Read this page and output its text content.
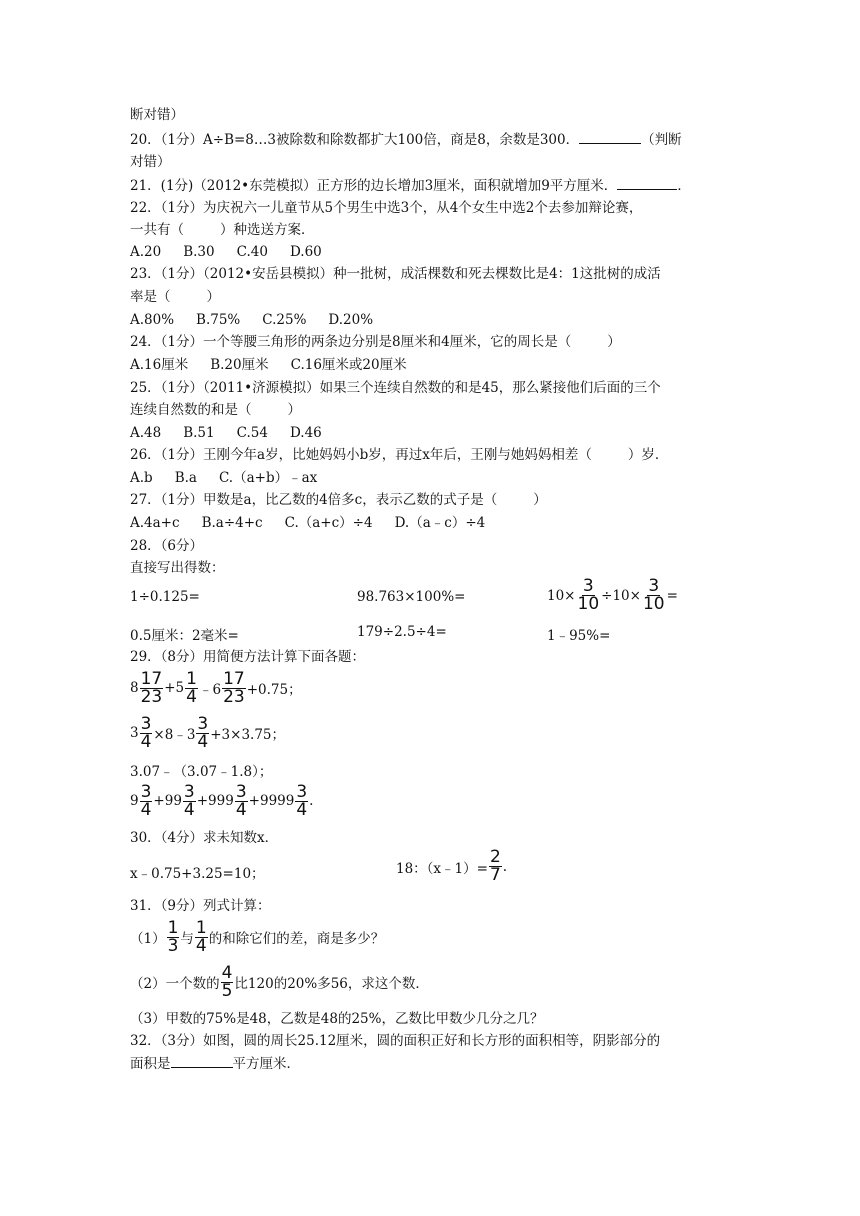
断对错）
20．（1分）A÷B=8…3被除数和除数都扩大100倍，商是8，余数是300．	（判断
对错）
21．(1分)（2012•东莞模拟）正方形的边长增加3厘米，面积就增加9平方厘米．	．
22．（1分）为庆祝六一儿童节从5个男生中选3个，从4个女生中选2个去参加辩论赛，
一共有（	）种选送方案．
A.20 B.30 C.40 D.60
23．（1分）（2012•安岳县模拟）种一批树，成活棵数和死去棵数比是4：1这批树的成活
率是（	）
A.80% B.75% C.25% D.20%
24．（1分）一个等腰三角形的两条边分别是8厘米和4厘米，它的周长是（	）
A.16厘米 B.20厘米 C.16厘米或20厘米
25．（1分）（2011•济源模拟）如果三个连续自然数的和是45，那么紧接他们后面的三个
连续自然数的和是（	）
A.48 B.51 C.54 D.46
26．（1分）王刚今年a岁，比她妈妈小b岁，再过x年后，王刚与她妈妈相差（	）岁．
A.b B.a C.（a+b）﹣ax
27．（1分）甲数是a，比乙数的4倍多c，表示乙数的式子是（	）
A.4a+c B.a÷4+c C.（a+c）÷4 D.（a﹣c）÷4
28．（6分）
直接写出得数：
1÷0.125=	98.763×100%=	$10\times \frac{3}{10} \div 10\times \frac{3}{10}$ =
0.5厘米：2毫米=	179÷2.5÷4=	1﹣95%=
29．（8分）用简便方法计算下面各题：
$8 \frac{17}{23} +5 \frac{1}{4}$ ﹣6 $\frac{17}{23} +0.75$；
$3 \frac{3}{4}$ ×8﹣3 $\frac{3}{4} +3\times 3.75$；
3.07﹣（3.07﹣1.8）；
$9 \frac{3}{4} +99 \frac{3}{4} +999 \frac{3}{4} +9999 \frac{3}{4}$ .
30．（4分）求未知数x．
x﹣0.75+3.25=10；	18：（x﹣1）= $\frac{2}{7}$ .
31．（9分）列式计算：
$(1) \frac{1}{3}$ 与 $\frac{1}{4}$ 的和除它们的差，商是多少？
（2）一个数的 $\frac{4}{5}$ 比120的20%多56，求这个数．
（3）甲数的75%是48，乙数是48的25%，乙数比甲数少几分之几？
32．（3分）如图，圆的周长25.12厘米，圆的面积正好和长方形的面积相等，阴影部分的
面积是	平方厘米．
